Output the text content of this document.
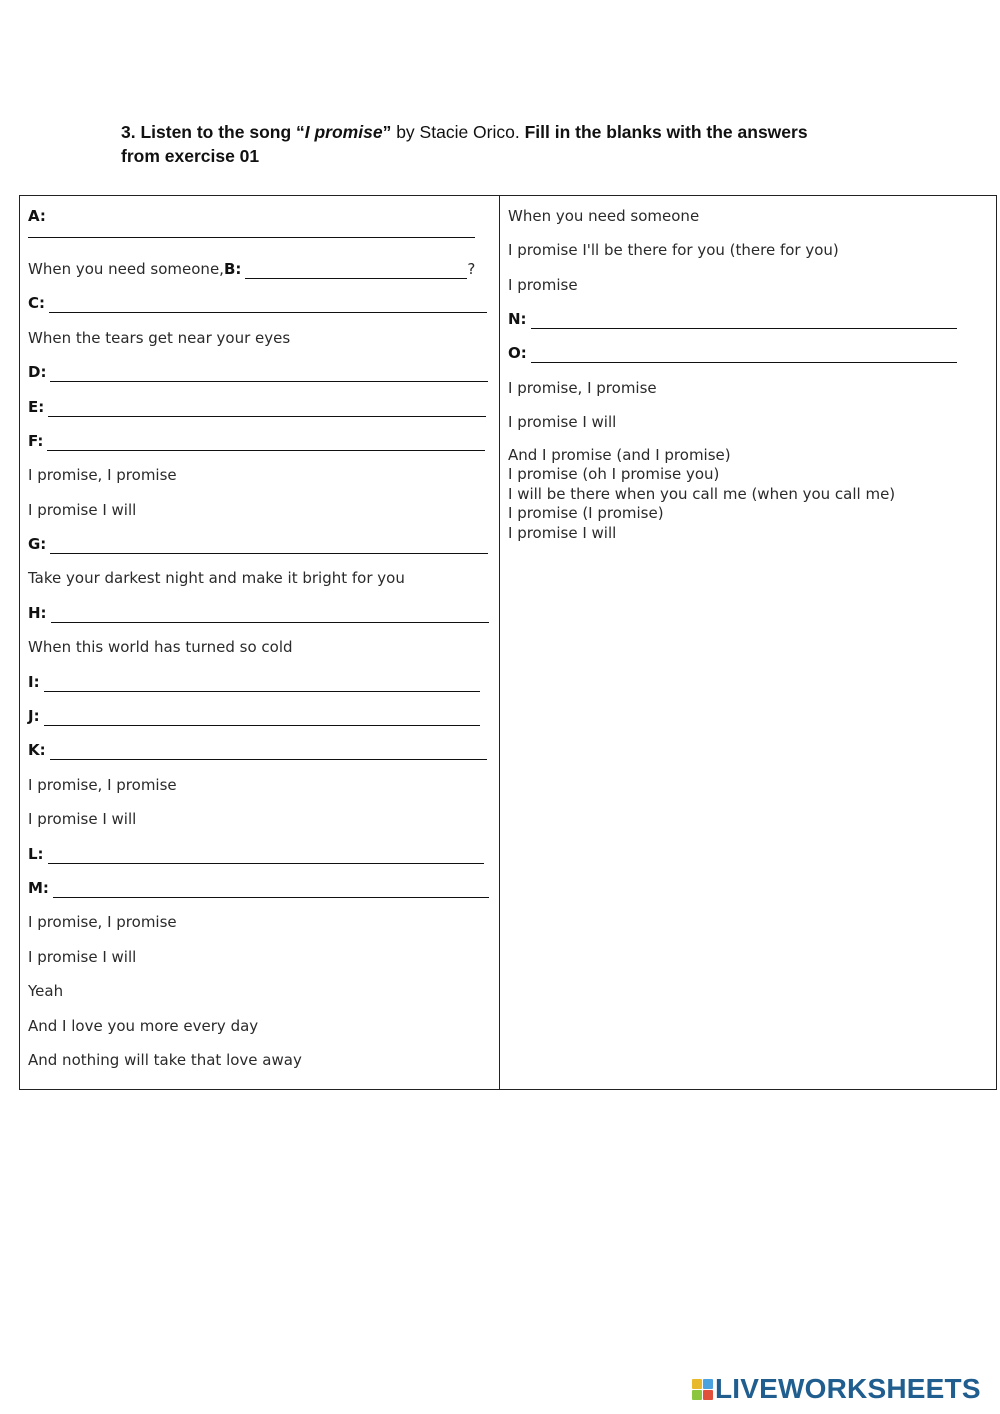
3. Listen to the song “I promise” by Stacie Orico. Fill in the blanks with the answers
from exercise 01
A:
When you need someone, B:	?
C:
When the tears get near your eyes
D:
E:
F:
I promise, I promise
I promise I will
G:
Take your darkest night and make it bright for you
H:
When this world has turned so cold
I:
J:
K:
I promise, I promise
I promise I will
L:
M:
I promise, I promise
I promise I will
Yeah
And I love you more every day
And nothing will take that love away
When you need someone
I promise I'll be there for you (there for you)
I promise
N:
O:
I promise, I promise
I promise I will
And I promise (and I promise)
I promise (oh I promise you)
I will be there when you call me (when you call me)
I promise (I promise)
I promise I will
LIVEWORKSHEETS
